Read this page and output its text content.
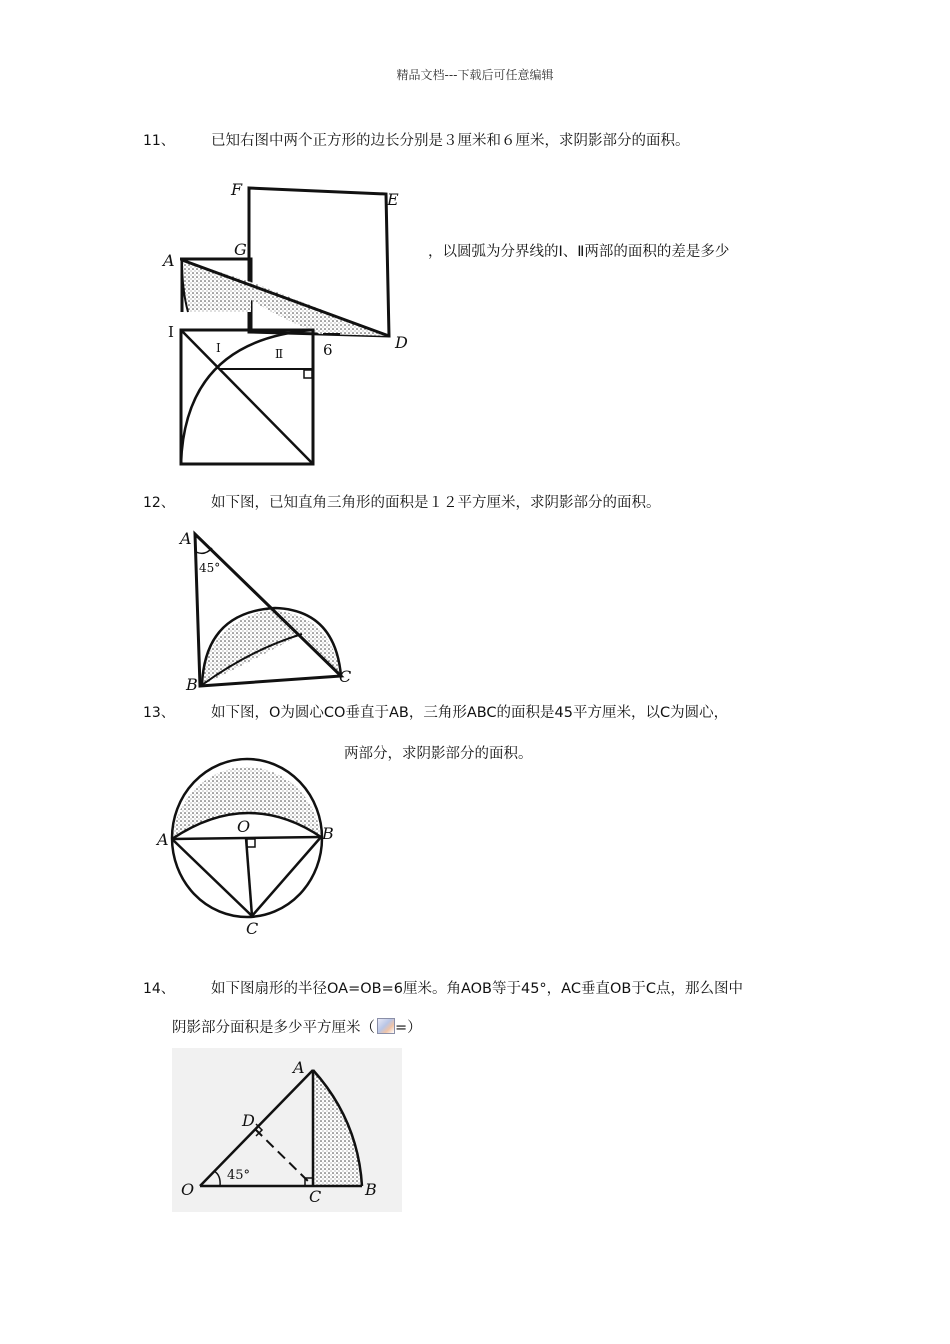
精品文档---下载后可任意编辑
11、 已知右图中两个正方形的边长分别是３厘米和６厘米，求阴影部分的面积。
，以圆弧为分界线的Ⅰ、Ⅱ两部的面积的差是多少
F
E
G
A
D
6
I
Ⅰ	Ⅱ
12、 如下图，已知直角三角形的面积是１２平方厘米，求阴影部分的面积。
A
45°
B	C
13、 如下图，O为圆心CO垂直于AB，三角形ABC的面积是45平方厘米，以C为圆心，
两部分，求阴影部分的面积。
A
O	B
C
14、 如下图扇形的半径OA=OB=6厘米。角AOB等于45°，AC垂直OB于C点，那么图中
阴影部分面积是多少平方厘米（ =）
A
D
45°
O	C	B
